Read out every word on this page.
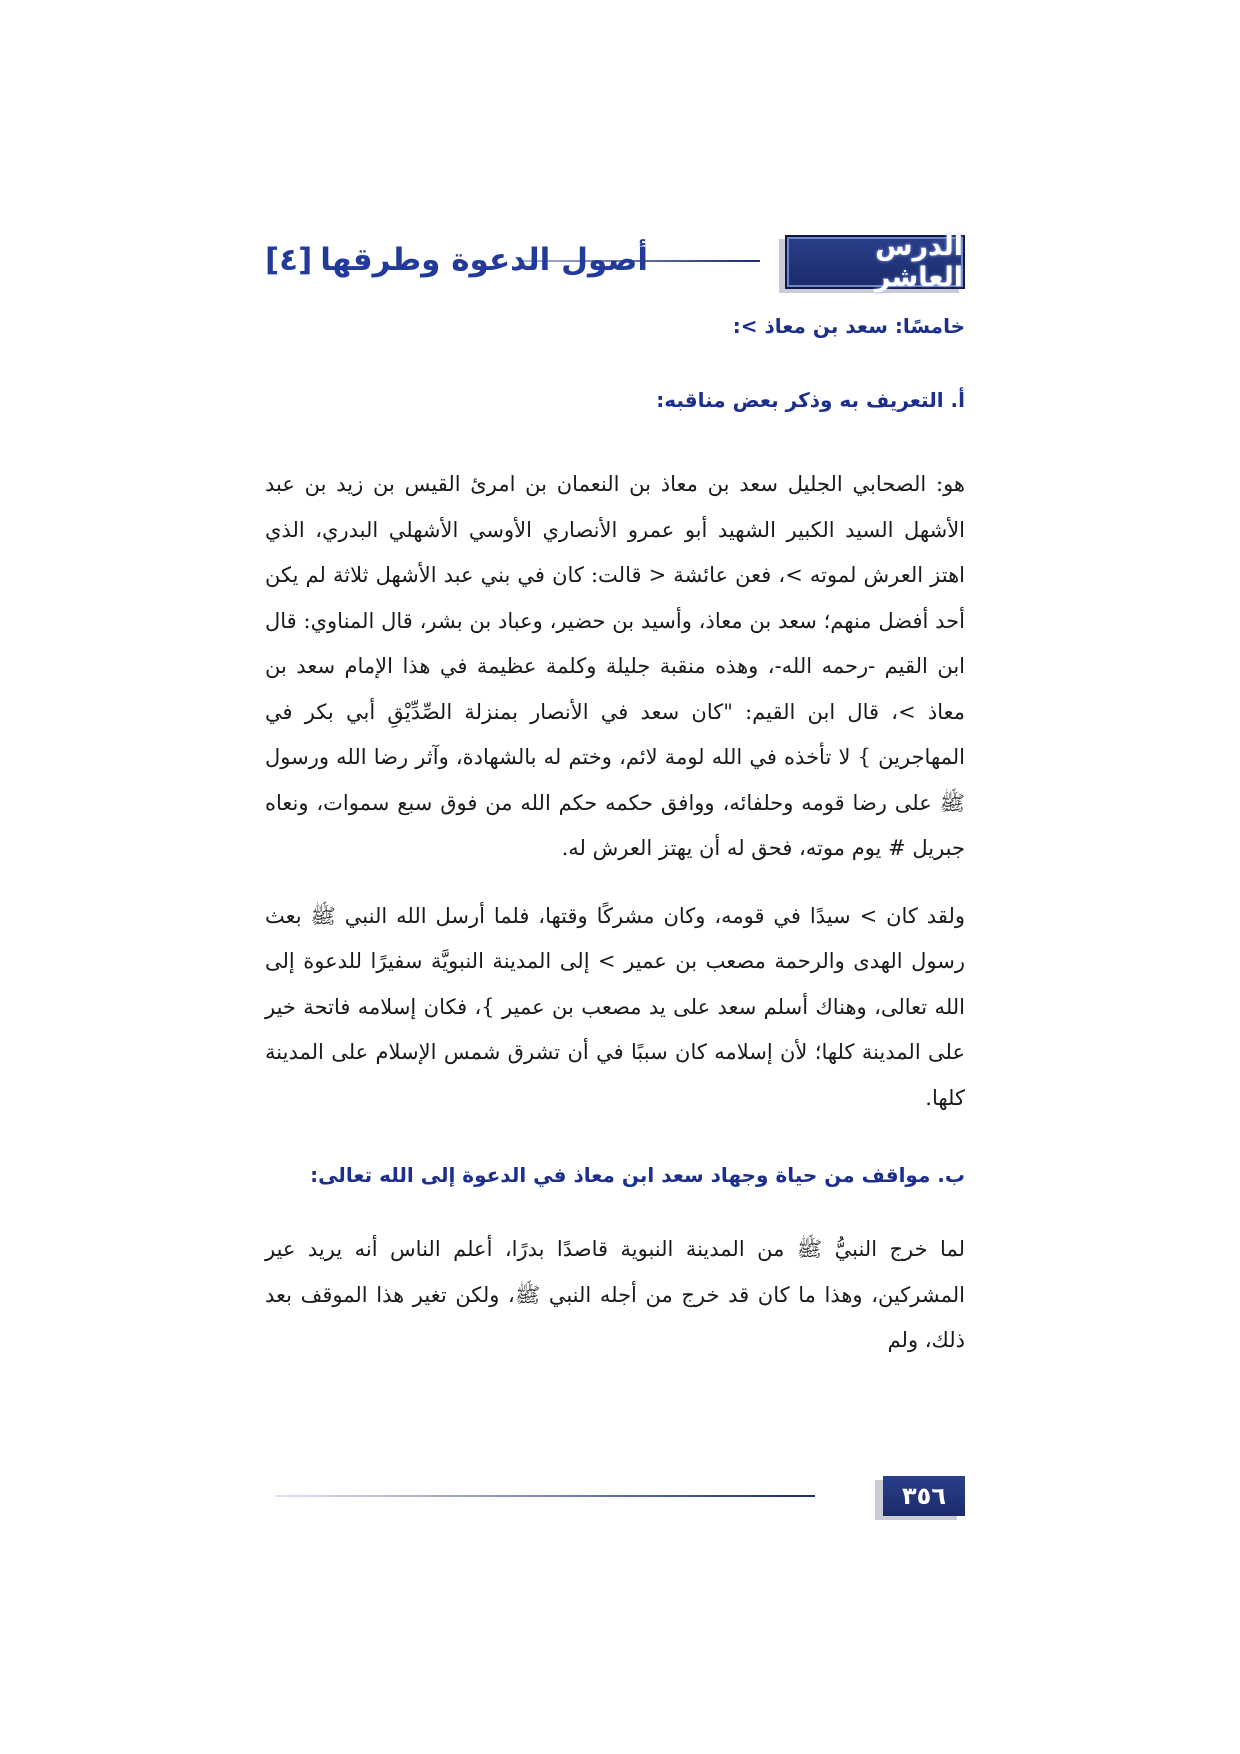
الدرس العاشر
أصول الدعوة وطرقها
[٤]
خامسًا: سعد بن معاذ >:
أ. التعريف به وذكر بعض مناقبه:

هو: الصحابي الجليل سعد بن معاذ بن النعمان بن امرئ القيس بن زيد بن عبد الأشهل السيد الكبير الشهيد أبو عمرو الأنصاري الأوسي الأشهلي البدري، الذي اهتز العرش لموته >، فعن عائشة < قالت: كان في بني عبد الأشهل ثلاثة لم يكن أحد أفضل منهم؛ سعد بن معاذ، وأسيد بن حضير، وعباد بن بشر، قال المناوي: قال ابن القيم -رحمه الله-، وهذه منقبة جليلة وكلمة عظيمة في هذا الإمام سعد بن معاذ >، قال ابن القيم: "كان سعد في الأنصار بمنزلة الصِّدِّيْقِ أبي بكر في المهاجرين } لا تأخذه في الله لومة لائم، وختم له بالشهادة، وآثر رضا الله ورسول ﷺ على رضا قومه وحلفائه، ووافق حكمه حكم الله من فوق سبع سموات، ونعاه جبريل # يوم موته، فحق له أن يهتز العرش له.

ولقد كان > سيدًا في قومه، وكان مشركًا وقتها، فلما أرسل الله النبي ﷺ بعث رسول الهدى والرحمة مصعب بن عمير > إلى المدينة النبويَّة سفيرًا للدعوة إلى الله تعالى، وهناك أسلم سعد على يد مصعب بن عمير }، فكان إسلامه فاتحة خير على المدينة كلها؛ لأن إسلامه كان سببًا في أن تشرق شمس الإسلام على المدينة كلها.

ب. مواقف من حياة وجهاد سعد ابن معاذ في الدعوة إلى الله تعالى:

لما خرج النبيُّ ﷺ من المدينة النبوية قاصدًا بدرًا، أعلم الناس أنه يريد عير المشركين، وهذا ما كان قد خرج من أجله النبي ﷺ، ولكن تغير هذا الموقف بعد ذلك، ولم

٣٥٦
